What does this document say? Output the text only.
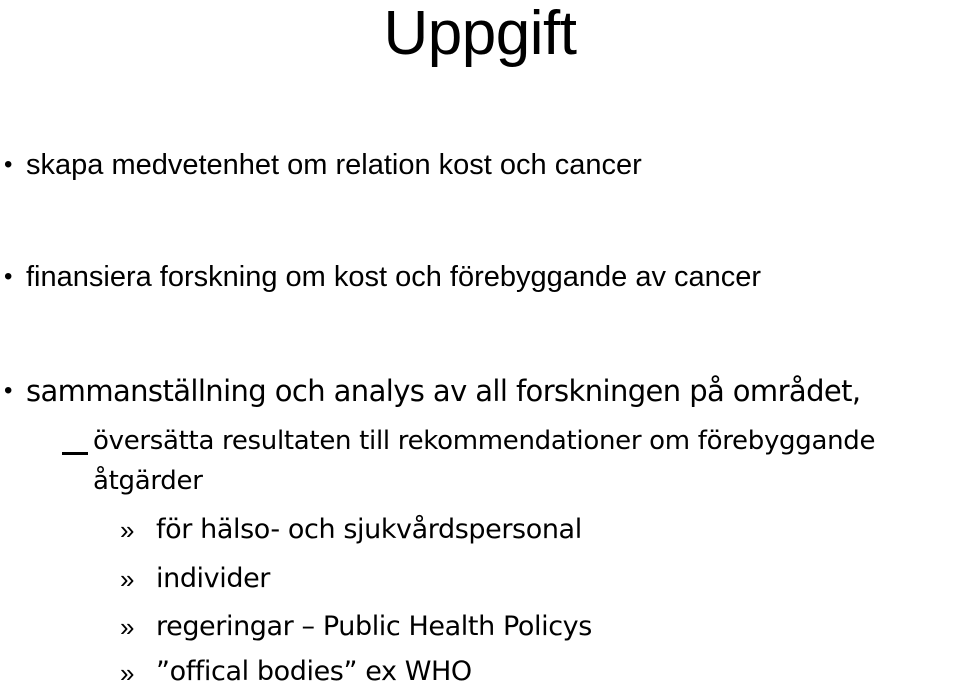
Uppgift
• skapa medvetenhet om relation kost och cancer
• finansiera forskning om kost och förebyggande av cancer
• sammanställning och analys av all forskningen på området,
översätta resultaten till rekommendationer om förebyggande
åtgärder
» för hälso- och sjukvårdspersonal
» individer
» regeringar – Public Health Policys
» ”offical bodies” ex WHO
